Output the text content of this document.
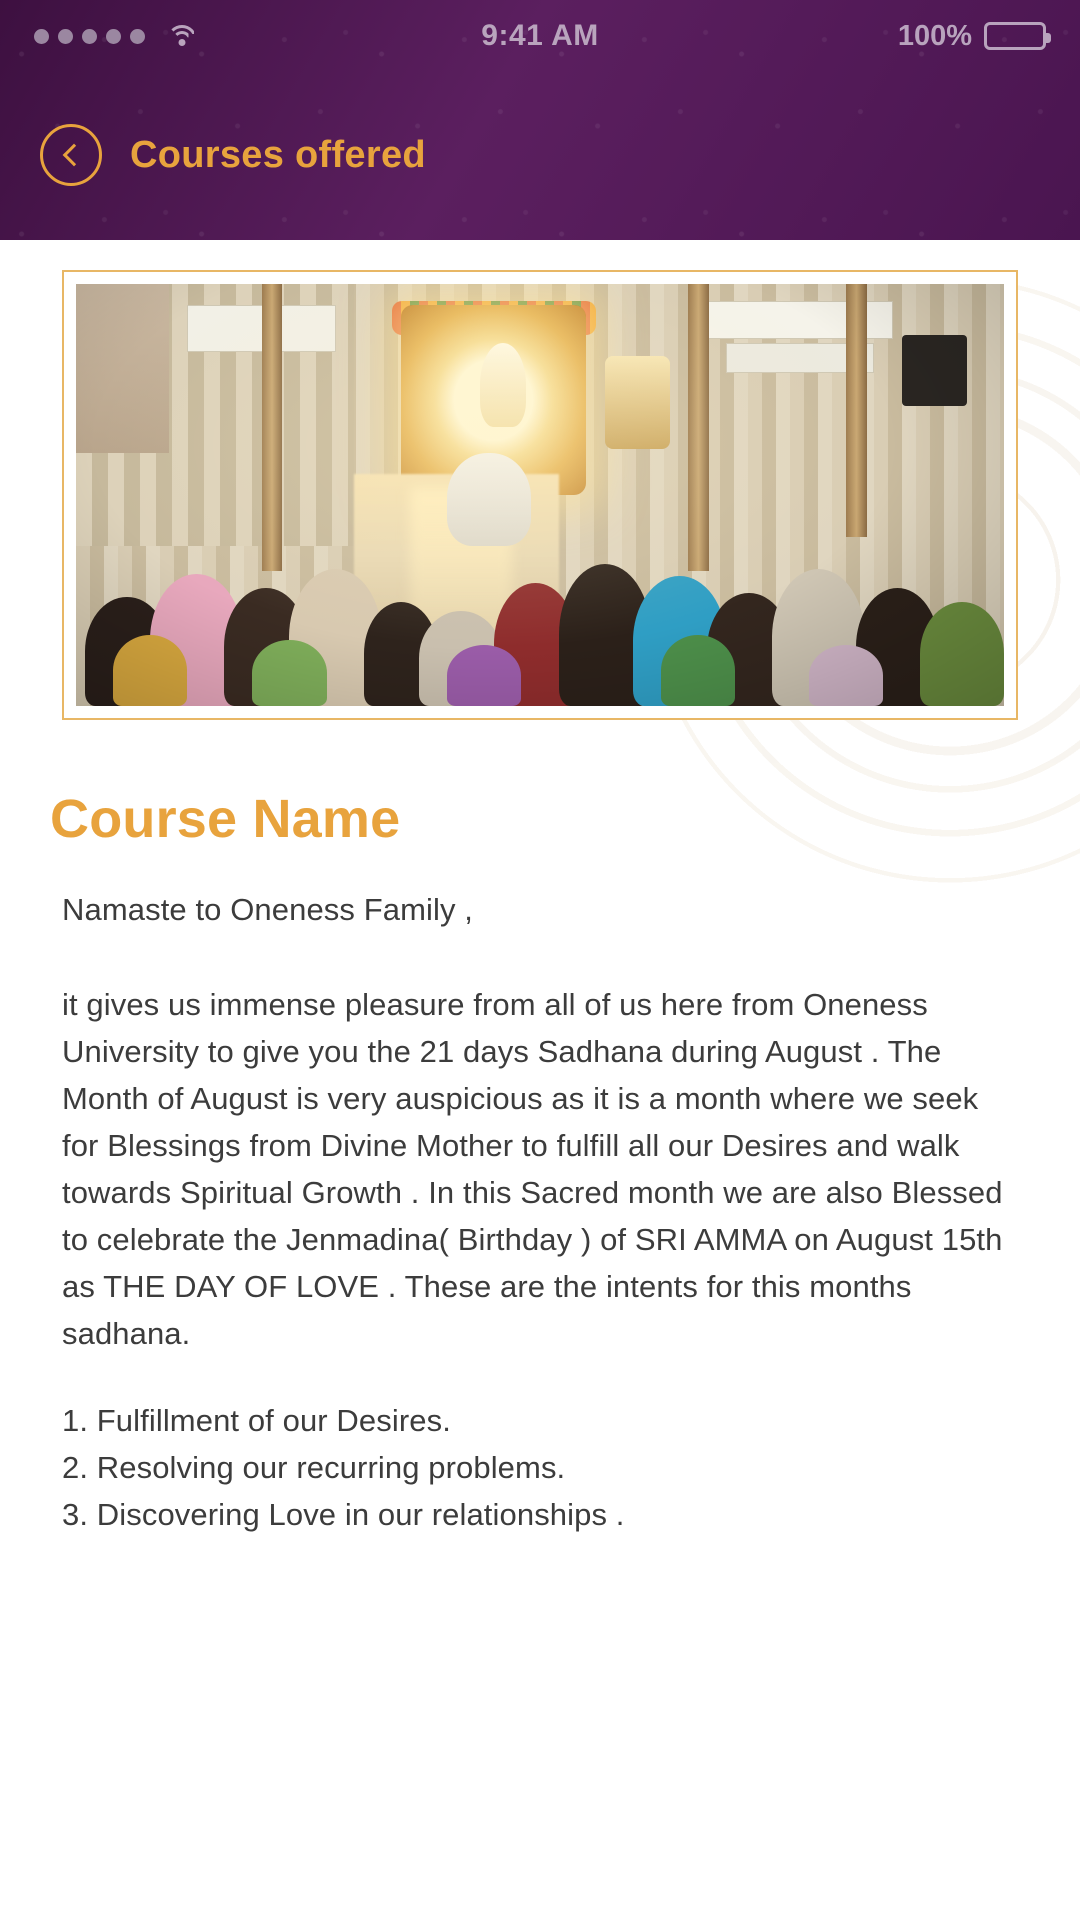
9:41 AM	100%
Courses offered
Course Name

Namaste to Oneness Family ,

it gives us immense pleasure from all of us here from Oneness University to give you the 21 days Sadhana during August . The Month of August is very auspicious as it is a month where we seek for Blessings from Divine Mother to fulfill all our Desires and walk towards Spiritual Growth . In this Sacred month we are also Blessed to celebrate the Jenmadina( Birthday ) of SRI AMMA on August 15th as THE DAY OF LOVE . These are the intents for this months sadhana.

1. Fulfillment of our Desires.
2. Resolving our recurring problems.
3. Discovering Love in our relationships .
